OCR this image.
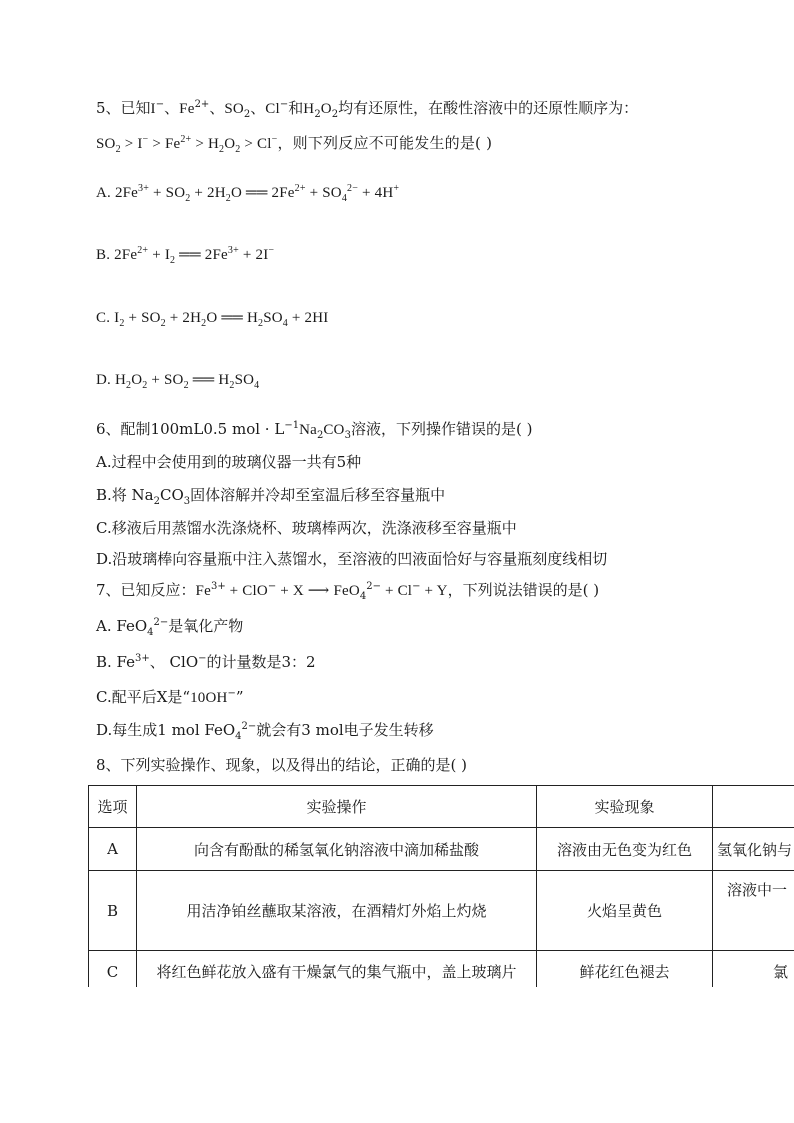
5、已知I−、$Fe^{2+}$、$SO_2$、Cl−和$H_2O_2$均有还原性，在酸性溶液中的还原性顺序为：
$SO_2 > I^- > Fe^{2+} > H_2O_2 > Cl^-$，则下列反应不可能发生的是( )
A. $2Fe^{3+} + SO_2 + 2H_2O$ ══ $2Fe^{2+} + SO_4^{2-} + 4H^+$
B. $2Fe^{2+} + I_2$ ══ $2Fe^{3+} + 2I^-$
C. $I_2 + SO_2 + 2H_2O$ ══ $H_2SO_4 + 2HI$
D. $H_2O_2 + SO_2$ ══ $H_2SO_4$
6、配制100mL0.5 mol · $L^{-1}Na_2CO_3$溶液，下列操作错误的是( )
A.过程中会使用到的玻璃仪器一共有5种
B.将 $Na_2CO_3$固体溶解并冷却至室温后移至容量瓶中
C.移液后用蒸馏水洗涤烧杯、玻璃棒两次，洗涤液移至容量瓶中
D.沿玻璃棒向容量瓶中注入蒸馏水，至溶液的凹液面恰好与容量瓶刻度线相切
7、已知反应：$Fe^{3+} + ClO^- + X$ ⟶ FeO$_4^{2-}$ + Cl− + Y，下列说法错误的是( )
A. FeO$_4^{2-}$是氧化产物
B. $Fe^{3+}$、 ClO−的计量数是3：2
C.配平后X是“10OH−”
D.每生成1 mol FeO$_4^{2-}$就会有3 mol电子发生转移
8、下列实验操作、现象，以及得出的结论，正确的是( )
选项	实验操作	实验现象	
A	向含有酚酞的稀氢氧化钠溶液中滴加稀盐酸	溶液由无色变为红色	氢氧化钠与
B	用洁净铂丝蘸取某溶液，在酒精灯外焰上灼烧	火焰呈黄色	溶液中一
C	将红色鲜花放入盛有干燥氯气的集气瓶中，盖上玻璃片	鲜花红色褪去	氯
